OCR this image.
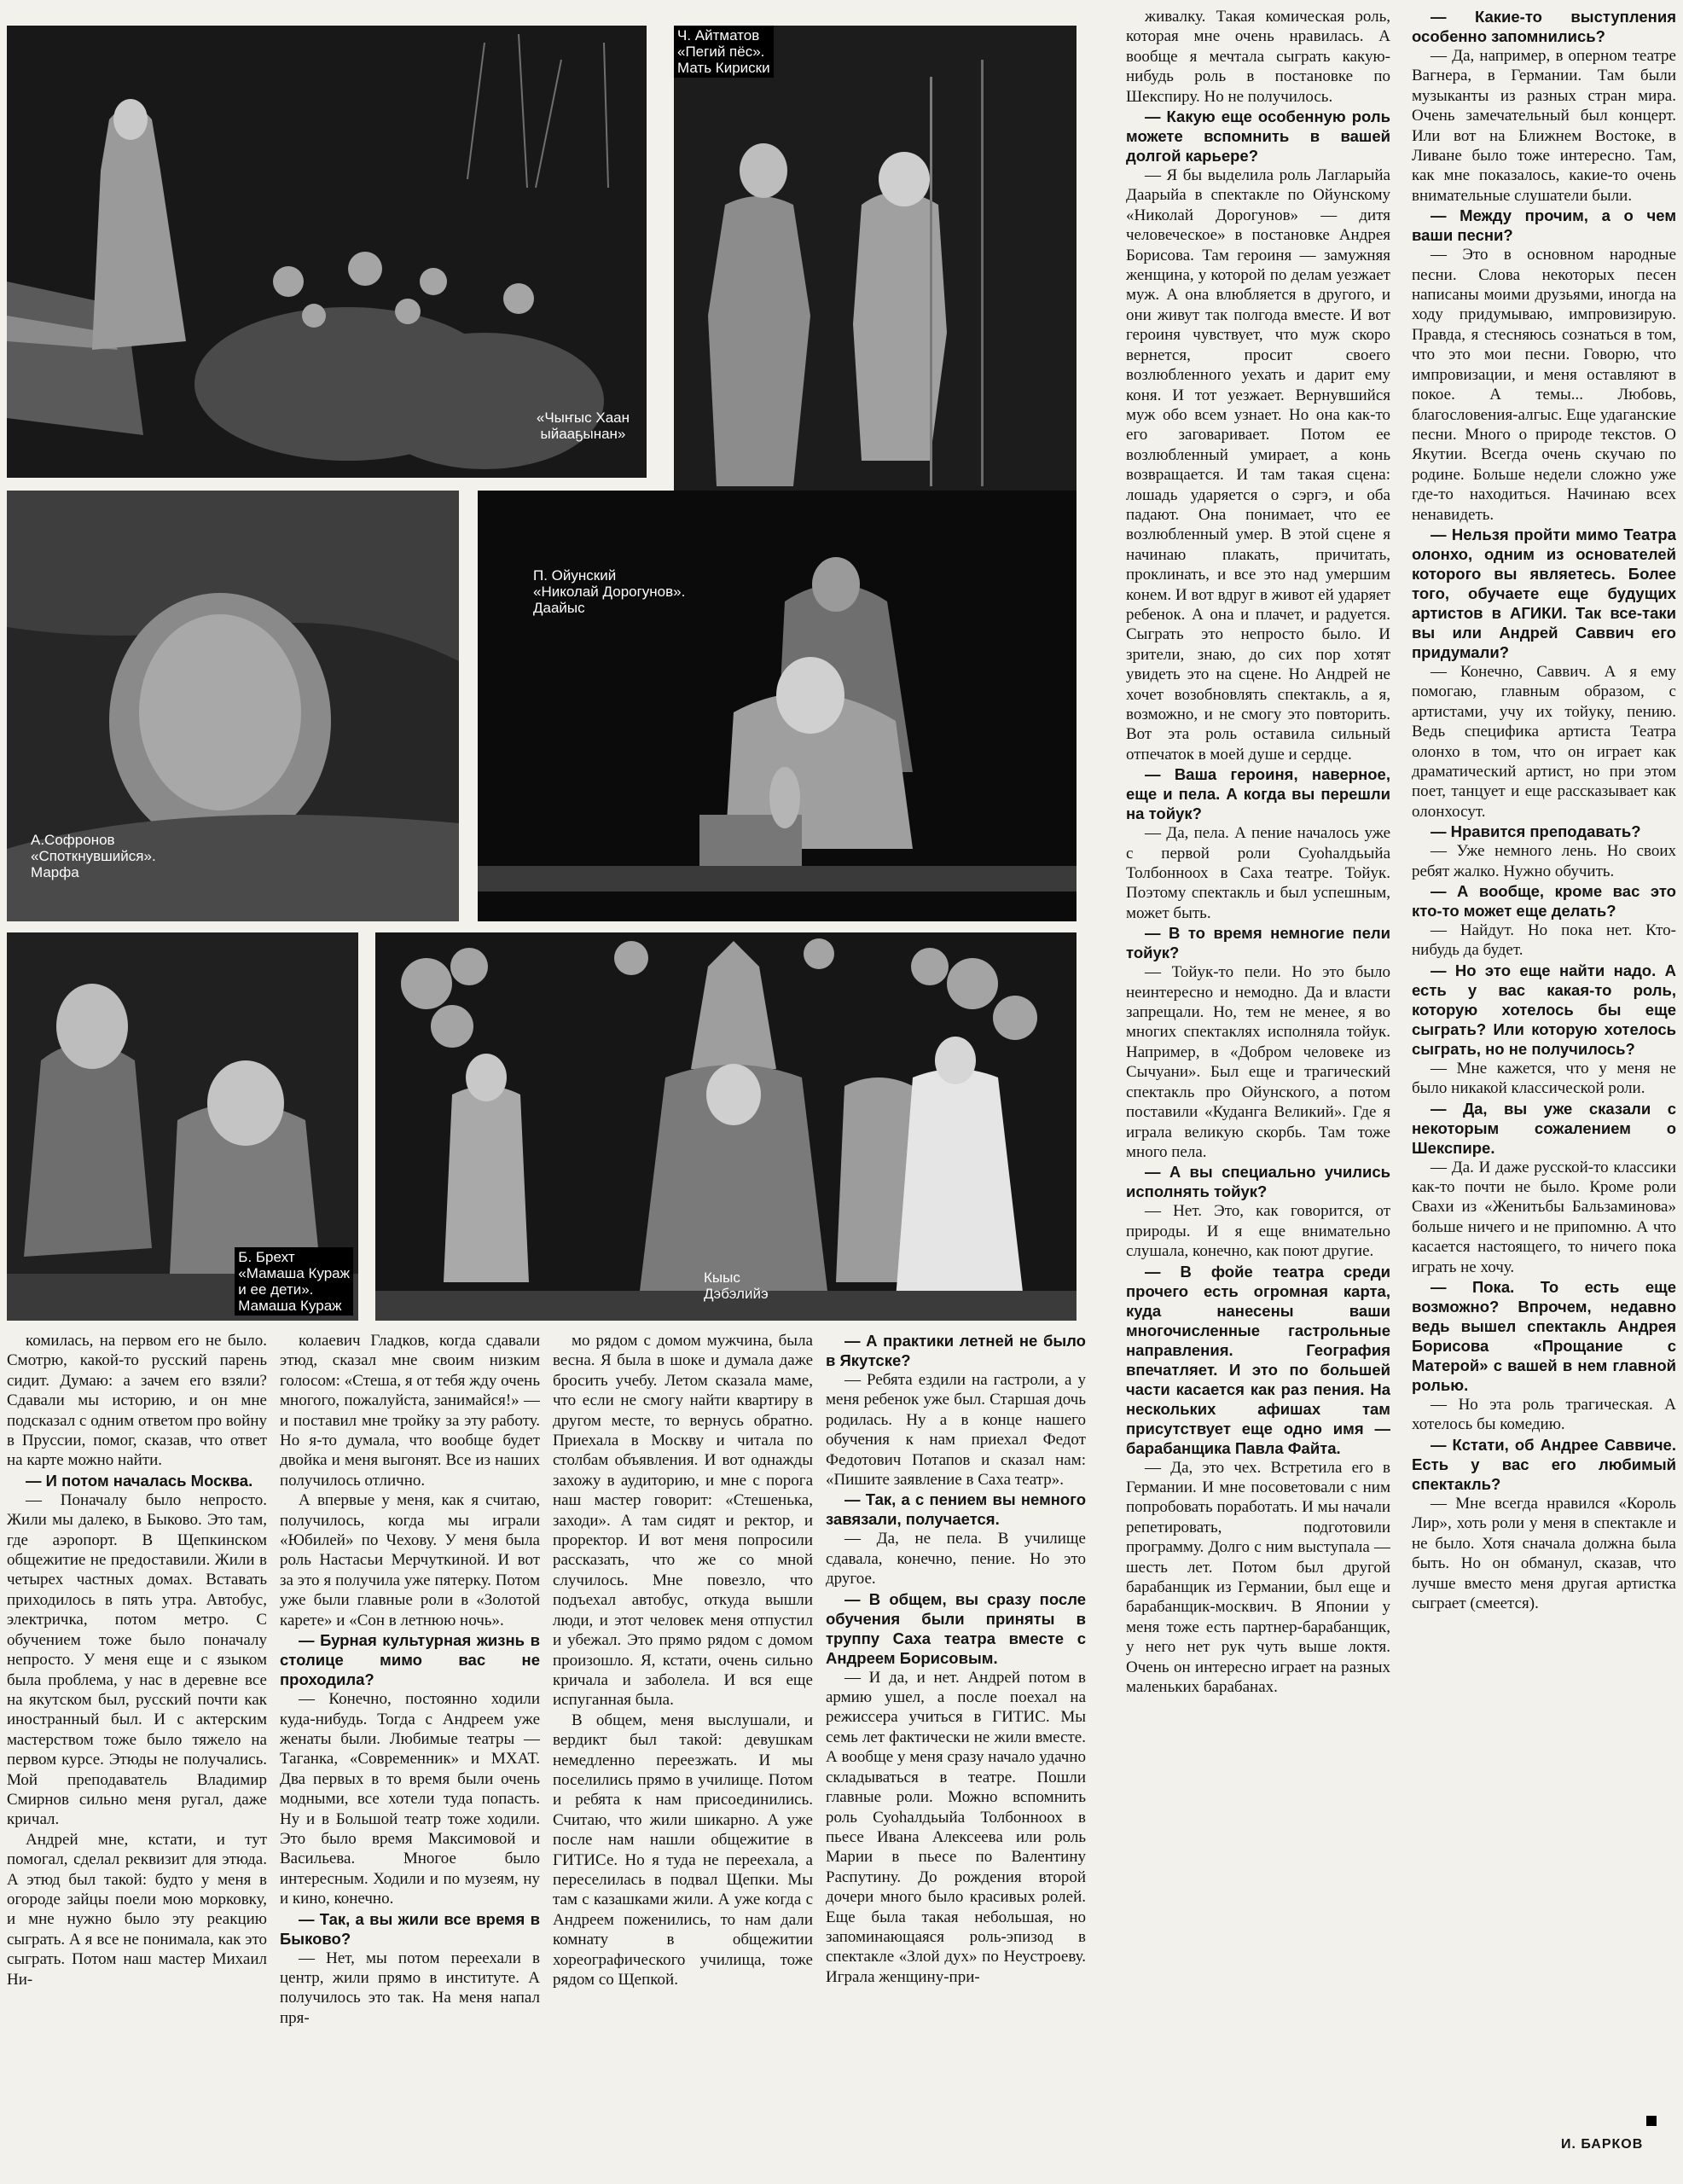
«Чыҥыс Хаан
ыйааҕынан»
Ч. Айтматов
«Пегий пёс».
Мать Кириски
А.Софронов
«Споткнувшийся».
Марфа
П. Ойунский
«Николай Дорогунов».
Даайыс
Б. Брехт
«Мамаша Кураж
и ее дети».
Мамаша Кураж
Кыыс
Дэбэлийэ

живалку. Такая комическая роль, которая мне очень нравилась. А вообще я мечтала сыграть какую-нибудь роль в постановке по Шекспиру. Но не получилось.

— Какую еще особенную роль можете вспомнить в вашей долгой карьере?

— Я бы выделила роль Лагларыйа Даарыйа в спектакле по Ойунскому «Николай Дорогунов» — дитя человеческое» в постановке Андрея Борисова. Там героиня — замужняя женщина, у которой по делам уезжает муж. А она влюбляется в другого, и они живут так полгода вместе. И вот героиня чувствует, что муж скоро вернется, просит своего возлюбленного уехать и дарит ему коня. И тот уезжает. Вернувшийся муж обо всем узнает. Но она как-то его заговаривает. Потом ее возлюбленный умирает, а конь возвращается. И там такая сцена: лошадь ударяется о сэргэ, и оба падают. Она понимает, что ее возлюбленный умер. В этой сцене я начинаю плакать, причитать, проклинать, и все это над умершим конем. И вот вдруг в живот ей ударяет ребенок. А она и плачет, и радуется. Сыграть это непросто было. И зрители, знаю, до сих пор хотят увидеть это на сцене. Но Андрей не хочет возобновлять спектакль, а я, возможно, и не смогу это повторить. Вот эта роль оставила сильный отпечаток в моей душе и сердце.

— Ваша героиня, наверное, еще и пела. А когда вы перешли на тойук?

— Да, пела. А пение началось уже с первой роли Суоһалдьыйа Толбонноох в Саха театре. Тойук. Поэтому спектакль и был успешным, может быть.

— В то время немногие пели тойук?

— Тойук-то пели. Но это было неинтересно и немодно. Да и власти запрещали. Но, тем не менее, я во многих спектаклях исполняла тойук. Например, в «Добром человеке из Сычуани». Был еще и трагический спектакль про Ойунского, а потом поставили «Куданга Великий». Где я играла великую скорбь. Там тоже много пела.

— А вы специально учились исполнять тойук?

— Нет. Это, как говорится, от природы. И я еще внимательно слушала, конечно, как поют другие.

— В фойе театра среди прочего есть огромная карта, куда нанесены ваши многочисленные гастрольные направления. География впечатляет. И это по большей части касается как раз пения. На нескольких афишах там присутствует еще одно имя — барабанщика Павла Файта.

— Да, это чех. Встретила его в Германии. И мне посоветовали с ним попробовать поработать. И мы начали репетировать, подготовили программу. Долго с ним выступала — шесть лет. Потом был другой барабанщик из Германии, был еще и барабанщик-москвич. В Японии у меня тоже есть партнер-барабанщик, у него нет рук чуть выше локтя. Очень он интересно играет на разных маленьких барабанах.

— Какие-то выступления особенно запомнились?

— Да, например, в оперном театре Вагнера, в Германии. Там были музыканты из разных стран мира. Очень замечательный был концерт. Или вот на Ближнем Востоке, в Ливане было тоже интересно. Там, как мне показалось, какие-то очень внимательные слушатели были.

— Между прочим, а о чем ваши песни?

— Это в основном народные песни. Слова некоторых песен написаны моими друзьями, иногда на ходу придумываю, импровизирую. Правда, я стесняюсь сознаться в том, что это мои песни. Говорю, что импровизации, и меня оставляют в покое. А темы... Любовь, благословения-алгыс. Еще удаганские песни. Много о природе текстов. О Якутии. Всегда очень скучаю по родине. Больше недели сложно уже где-то находиться. Начинаю всех ненавидеть.

— Нельзя пройти мимо Театра олонхо, одним из основателей которого вы являетесь. Более того, обучаете еще будущих артистов в АГИКИ. Так все-таки вы или Андрей Саввич его придумали?

— Конечно, Саввич. А я ему помогаю, главным образом, с артистами, учу их тойуку, пению. Ведь специфика артиста Театра олонхо в том, что он играет как драматический артист, но при этом поет, танцует и еще рассказывает как олонхосут.

— Нравится преподавать?

— Уже немного лень. Но своих ребят жалко. Нужно обучить.

— А вообще, кроме вас это кто-то может еще делать?

— Найдут. Но пока нет. Кто-нибудь да будет.

— Но это еще найти надо. А есть у вас какая-то роль, которую хотелось бы еще сыграть? Или которую хотелось сыграть, но не получилось?

— Мне кажется, что у меня не было никакой классической роли.

— Да, вы уже сказали с некоторым сожалением о Шекспире.

— Да. И даже русской-то классики как-то почти не было. Кроме роли Свахи из «Женитьбы Бальзаминова» больше ничего и не припомню. А что касается настоящего, то ничего пока играть не хочу.

— Пока. То есть еще возможно? Впрочем, недавно ведь вышел спектакль Андрея Борисова «Прощание с Матерой» с вашей в нем главной ролью.

— Но эта роль трагическая. А хотелось бы комедию.

— Кстати, об Андрее Саввиче. Есть у вас его любимый спектакль?

— Мне всегда нравился «Король Лир», хоть роли у меня в спектакле и не было. Хотя сначала должна была быть. Но он обманул, сказав, что лучше вместо меня другая артистка сыграет (смеется).

комилась, на первом его не было. Смотрю, какой-то русский парень сидит. Думаю: а зачем его взяли? Сдавали мы историю, и он мне подсказал с одним ответом про войну в Пруссии, помог, сказав, что ответ на карте можно найти.

— И потом началась Москва.

— Поначалу было непросто. Жили мы далеко, в Быково. Это там, где аэропорт. В Щепкинском общежитие не предоставили. Жили в четырех частных домах. Вставать приходилось в пять утра. Автобус, электричка, потом метро. С обучением тоже было поначалу непросто. У меня еще и с языком была проблема, у нас в деревне все на якутском был, русский почти как иностранный был. И с актерским мастерством тоже было тяжело на первом курсе. Этюды не получались. Мой преподаватель Владимир Смирнов сильно меня ругал, даже кричал.

Андрей мне, кстати, и тут помогал, сделал реквизит для этюда. А этюд был такой: будто у меня в огороде зайцы поели мою морковку, и мне нужно было эту реакцию сыграть. А я все не понимала, как это сыграть. Потом наш мастер Михаил Ни-

колаевич Гладков, когда сдавали этюд, сказал мне своим низким голосом: «Стеша, я от тебя жду очень многого, пожалуйста, занимайся!» — и поставил мне тройку за эту работу. Но я-то думала, что вообще будет двойка и меня выгонят. Все из наших получилось отлично.

А впервые у меня, как я считаю, получилось, когда мы играли «Юбилей» по Чехову. У меня была роль Настасьи Мерчуткиной. И вот за это я получила уже пятерку. Потом уже были главные роли в «Золотой карете» и «Сон в летнюю ночь».

— Бурная культурная жизнь в столице мимо вас не проходила?

— Конечно, постоянно ходили куда-нибудь. Тогда с Андреем уже женаты были. Любимые театры — Таганка, «Современник» и МХАТ. Два первых в то время были очень модными, все хотели туда попасть. Ну и в Большой театр тоже ходили. Это было время Максимовой и Васильева. Многое было интересным. Ходили и по музеям, ну и кино, конечно.

— Так, а вы жили все время в Быково?

— Нет, мы потом переехали в центр, жили прямо в институте. А получилось это так. На меня напал пря-

мо рядом с домом мужчина, была весна. Я была в шоке и думала даже бросить учебу. Летом сказала маме, что если не смогу найти квартиру в другом месте, то вернусь обратно. Приехала в Москву и читала по столбам объявления. И вот однажды захожу в аудиторию, и мне с порога наш мастер говорит: «Стешенька, заходи». А там сидят и ректор, и проректор. И вот меня попросили рассказать, что же со мной случилось. Мне повезло, что подъехал автобус, откуда вышли люди, и этот человек меня отпустил и убежал. Это прямо рядом с домом произошло. Я, кстати, очень сильно кричала и заболела. И вся еще испуганная была.

В общем, меня выслушали, и вердикт был такой: девушкам немедленно переезжать. И мы поселились прямо в училище. Потом и ребята к нам присоединились. Считаю, что жили шикарно. А уже после нам нашли общежитие в ГИТИСе. Но я туда не переехала, а переселилась в подвал Щепки. Мы там с казашками жили. А уже когда с Андреем поженились, то нам дали комнату в общежитии хореографического училища, тоже рядом со Щепкой.

— А практики летней не было в Якутске?

— Ребята ездили на гастроли, а у меня ребенок уже был. Старшая дочь родилась. Ну а в конце нашего обучения к нам приехал Федот Федотович Потапов и сказал нам: «Пишите заявление в Саха театр».

— Так, а с пением вы немного завязали, получается.

— Да, не пела. В училище сдавала, конечно, пение. Но это другое.

— В общем, вы сразу после обучения были приняты в труппу Саха театра вместе с Андреем Борисовым.

— И да, и нет. Андрей потом в армию ушел, а после поехал на режиссера учиться в ГИТИС. Мы семь лет фактически не жили вместе. А вообще у меня сразу начало удачно складываться в театре. Пошли главные роли. Можно вспомнить роль Суоһалдьыйа Толбонноох в пьесе Ивана Алексеева или роль Марии в пьесе по Валентину Распутину. До рождения второй дочери много было красивых ролей. Еще была такая небольшая, но запоминающаяся роль-эпизод в спектакле «Злой дух» по Неустроеву. Играла женщину-при-

И. БАРКОВ
